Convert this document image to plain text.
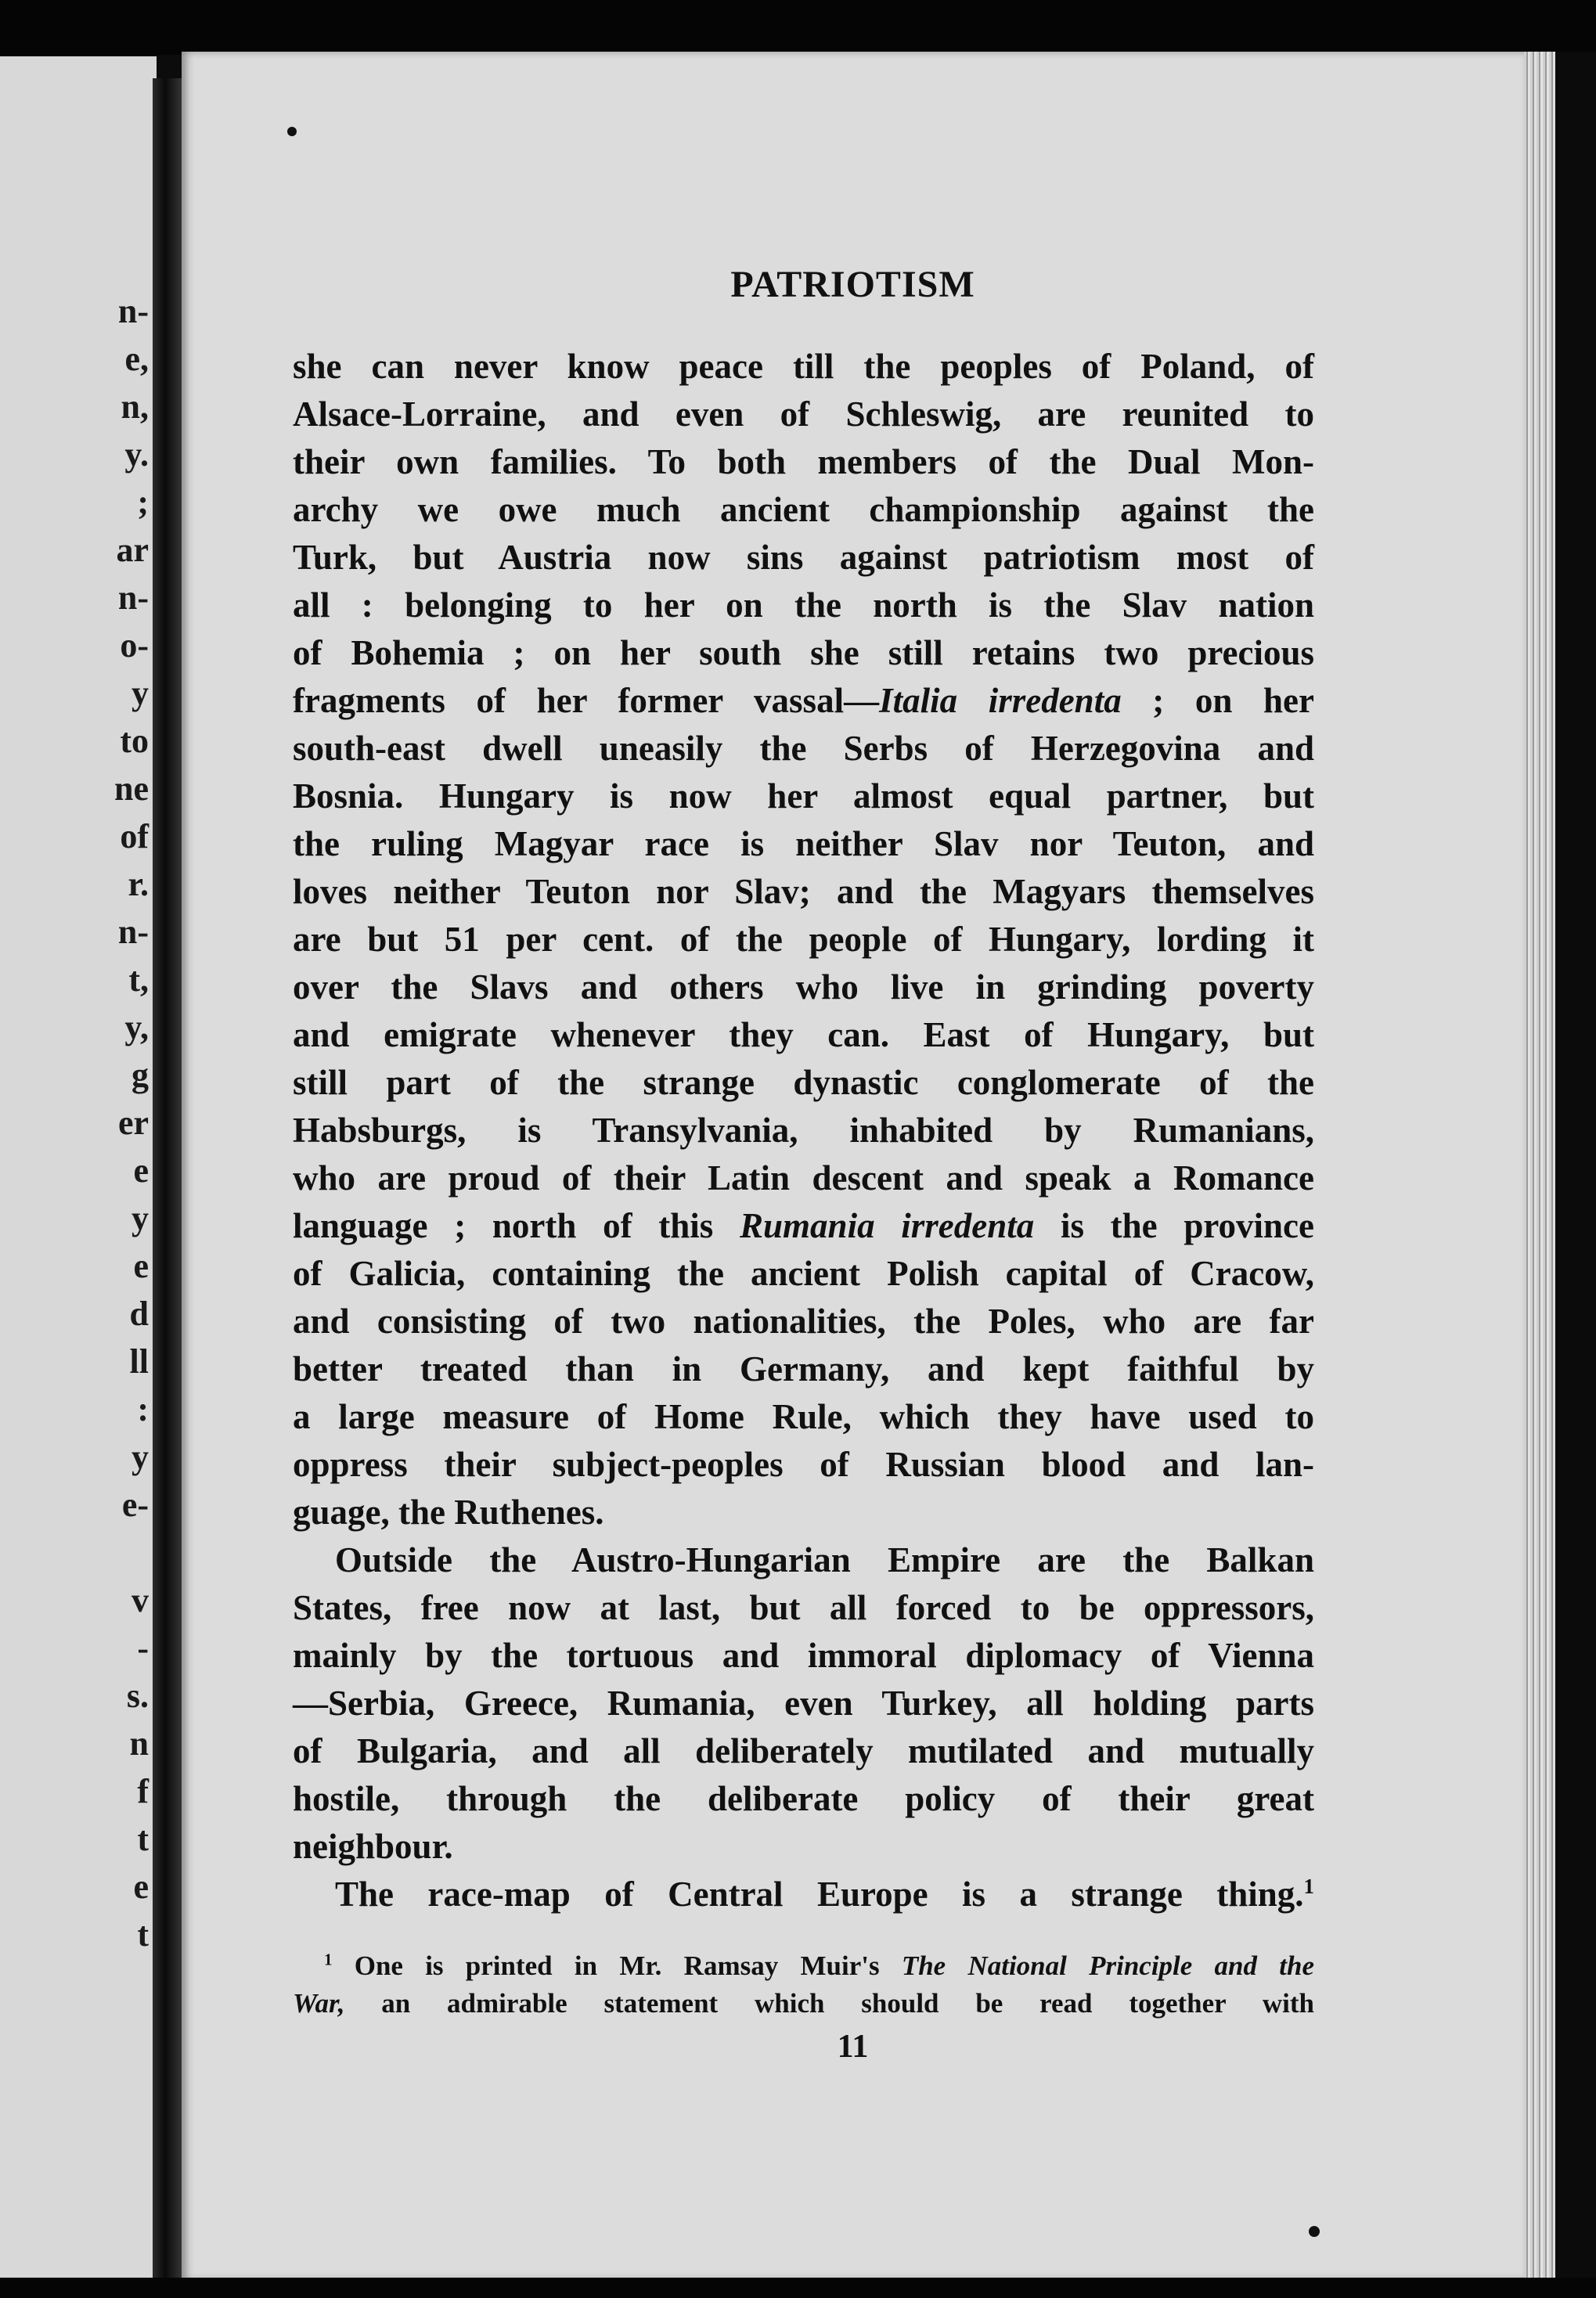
n-
e,
n,
y.
;
ar
n-
o-
y
to
ne
of
r.
n-
t,
y,
g
er
e
y
e
d
ll
:
y
e-
v
-
s.
n
f
t
e
t
PATRIOTISM
she can never know peace till the peoples of Poland, of
Alsace-Lorraine, and even of Schleswig, are reunited to
their own families. To both members of the Dual Mon-
archy we owe much ancient championship against the
Turk, but Austria now sins against patriotism most of
all : belonging to her on the north is the Slav nation
of Bohemia ; on her south she still retains two precious
fragments of her former vassal—Italia irredenta ; on her
south-east dwell uneasily the Serbs of Herzegovina and
Bosnia. Hungary is now her almost equal partner, but
the ruling Magyar race is neither Slav nor Teuton, and
loves neither Teuton nor Slav; and the Magyars themselves
are but 51 per cent. of the people of Hungary, lording it
over the Slavs and others who live in grinding poverty
and emigrate whenever they can. East of Hungary, but
still part of the strange dynastic conglomerate of the
Habsburgs, is Transylvania, inhabited by Rumanians,
who are proud of their Latin descent and speak a Romance
language ; north of this Rumania irredenta is the province
of Galicia, containing the ancient Polish capital of Cracow,
and consisting of two nationalities, the Poles, who are far
better treated than in Germany, and kept faithful by
a large measure of Home Rule, which they have used to
oppress their subject-peoples of Russian blood and lan-
guage, the Ruthenes.
Outside the Austro-Hungarian Empire are the Balkan
States, free now at last, but all forced to be oppressors,
mainly by the tortuous and immoral diplomacy of Vienna
—Serbia, Greece, Rumania, even Turkey, all holding parts
of Bulgaria, and all deliberately mutilated and mutually
hostile, through the deliberate policy of their great
neighbour.
The race-map of Central Europe is a strange thing.$^1$
$^1$ One is printed in Mr. Ramsay Muir's The National Principle and the
War, an admirable statement which should be read together with
11
